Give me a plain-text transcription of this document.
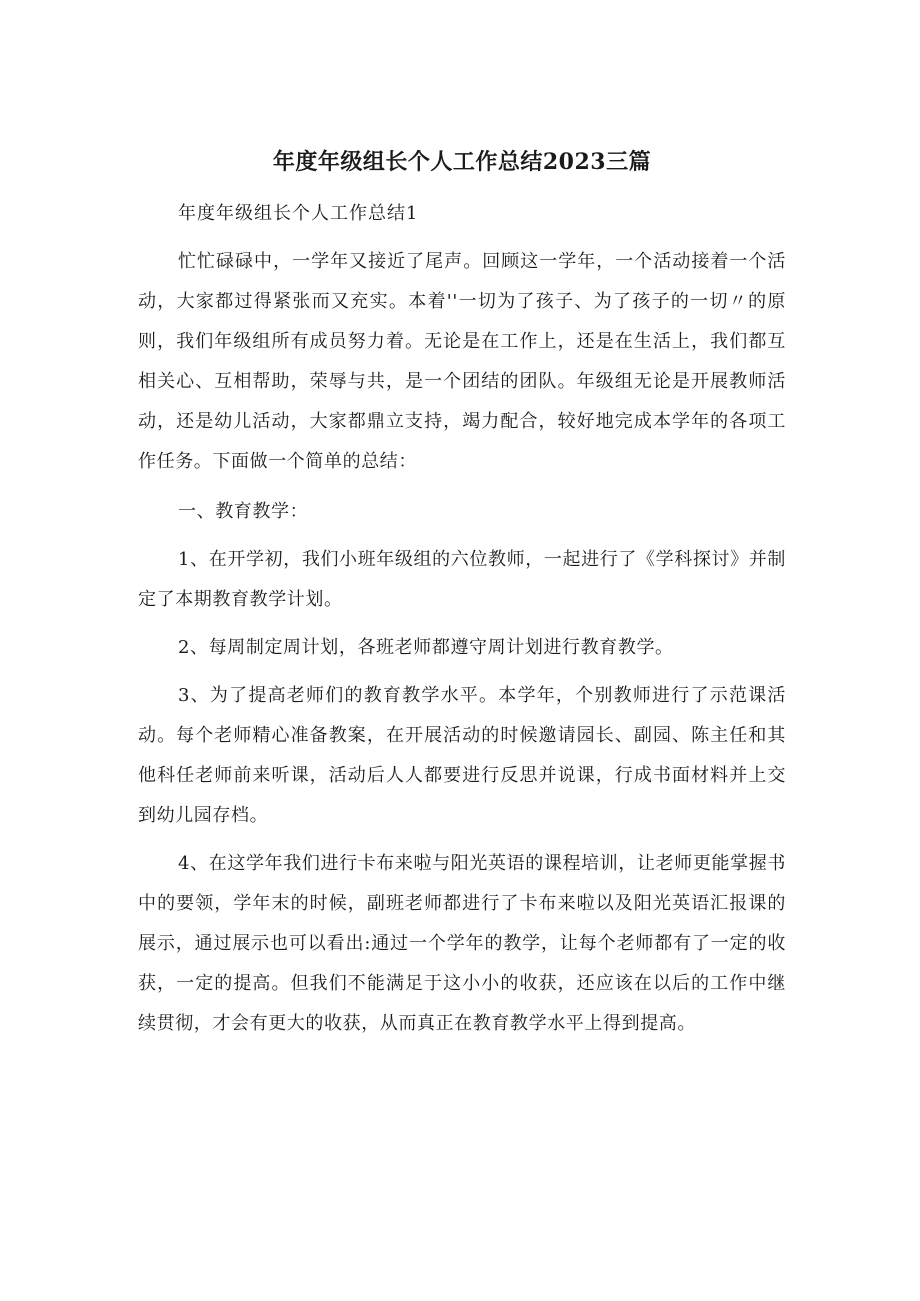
年度年级组长个人工作总结2023三篇

年度年级组长个人工作总结1

忙忙碌碌中，一学年又接近了尾声。回顾这一学年，一个活动接着一个活动，大家都过得紧张而又充实。本着''一切为了孩子、为了孩子的一切〃的原则，我们年级组所有成员努力着。无论是在工作上，还是在生活上，我们都互相关心、互相帮助，荣辱与共，是一个团结的团队。年级组无论是开展教师活动，还是幼儿活动，大家都鼎立支持，竭力配合，较好地完成本学年的各项工作任务。下面做一个简单的总结：

一、教育教学：

1、在开学初，我们小班年级组的六位教师，一起进行了《学科探讨》并制定了本期教育教学计划。

2、每周制定周计划，各班老师都遵守周计划进行教育教学。

3、为了提高老师们的教育教学水平。本学年，个别教师进行了示范课活动。每个老师精心准备教案，在开展活动的时候邀请园长、副园、陈主任和其他科任老师前来听课，活动后人人都要进行反思并说课，行成书面材料并上交到幼儿园存档。

4、在这学年我们进行卡布来啦与阳光英语的课程培训，让老师更能掌握书中的要领，学年末的时候，副班老师都进行了卡布来啦以及阳光英语汇报课的展示，通过展示也可以看出:通过一个学年的教学，让每个老师都有了一定的收获，一定的提高。但我们不能满足于这小小的收获，还应该在以后的工作中继续贯彻，才会有更大的收获，从而真正在教育教学水平上得到提高。
